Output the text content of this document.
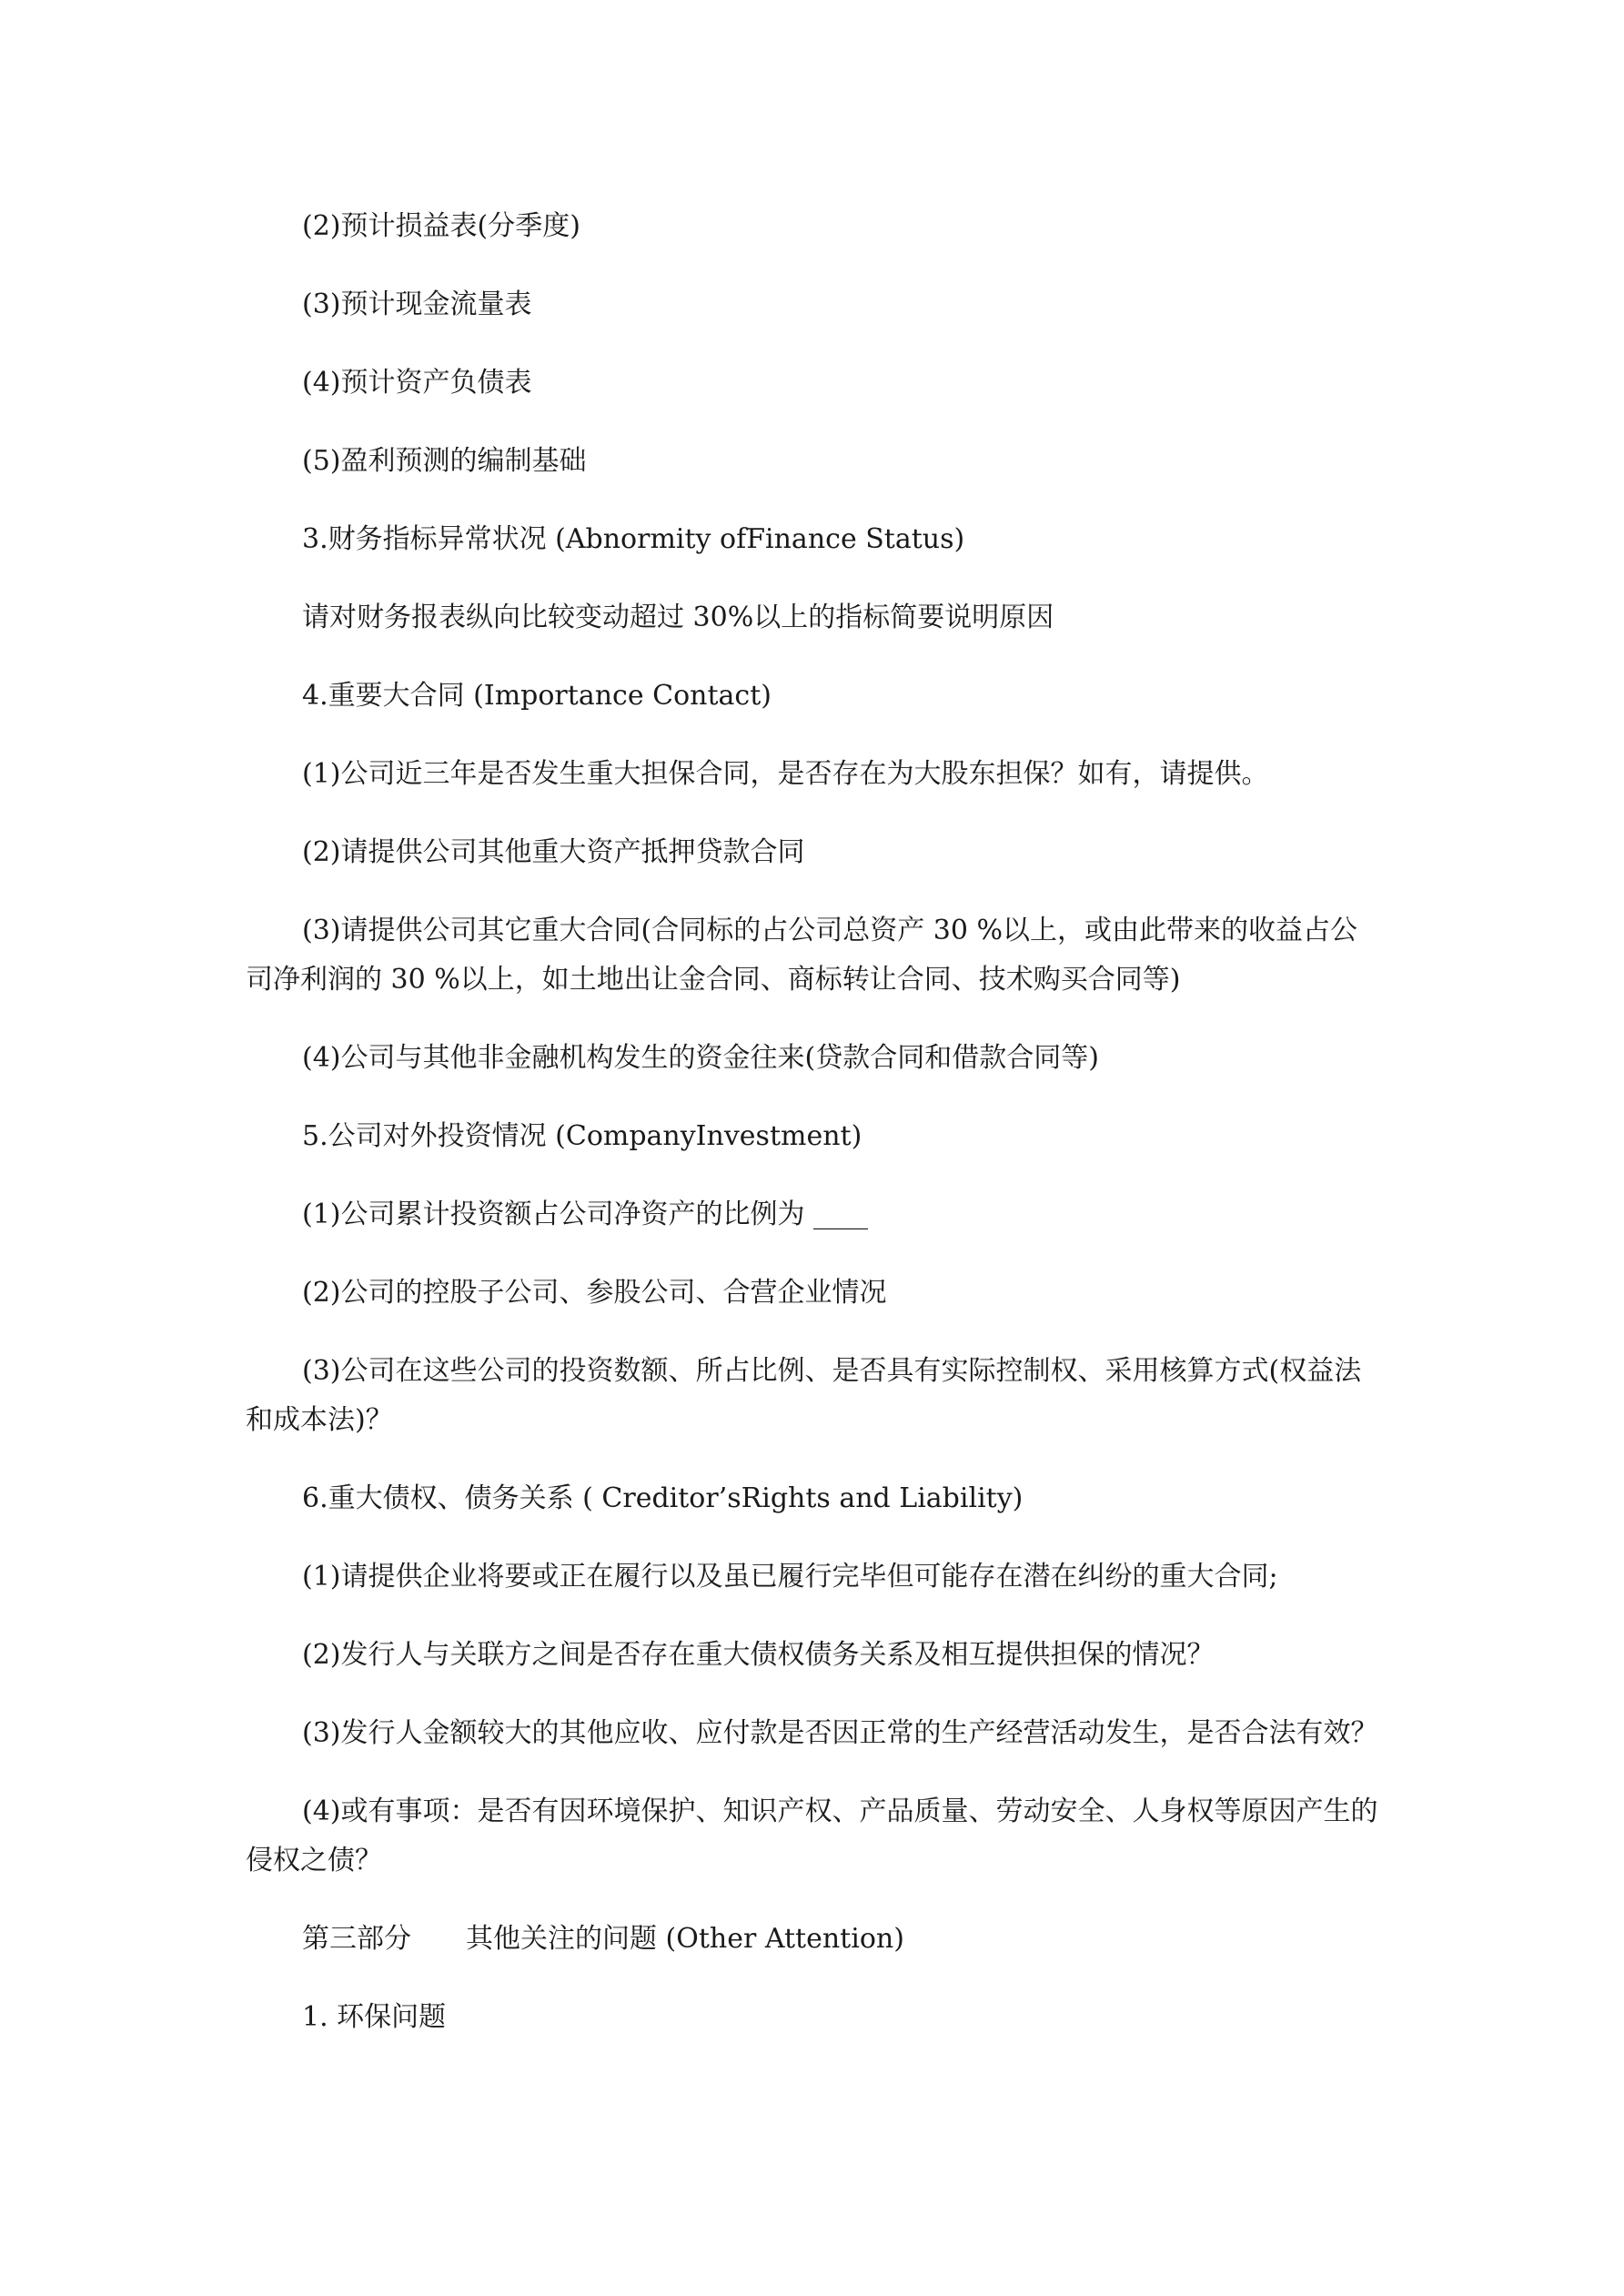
(2)预计损益表(分季度)

(3)预计现金流量表

(4)预计资产负债表

(5)盈利预测的编制基础

3.财务指标异常状况 (Abnormity ofFinance Status)

请对财务报表纵向比较变动超过 30%以上的指标简要说明原因

4.重要大合同 (Importance Contact)

(1)公司近三年是否发生重大担保合同，是否存在为大股东担保？如有，请提供。

(2)请提供公司其他重大资产抵押贷款合同

(3)请提供公司其它重大合同(合同标的占公司总资产 30 %以上，或由此带来的收益占公司净利润的 30 %以上，如土地出让金合同、商标转让合同、技术购买合同等)

(4)公司与其他非金融机构发生的资金往来(贷款合同和借款合同等)

5.公司对外投资情况 (CompanyInvestment)

(1)公司累计投资额占公司净资产的比例为 ____

(2)公司的控股子公司、参股公司、合营企业情况

(3)公司在这些公司的投资数额、所占比例、是否具有实际控制权、采用核算方式(权益法和成本法)？

6.重大债权、债务关系 ( Creditor’sRights and Liability)

(1)请提供企业将要或正在履行以及虽已履行完毕但可能存在潜在纠纷的重大合同;

(2)发行人与关联方之间是否存在重大债权债务关系及相互提供担保的情况？

(3)发行人金额较大的其他应收、应付款是否因正常的生产经营活动发生，是否合法有效？

(4)或有事项：是否有因环境保护、知识产权、产品质量、劳动安全、人身权等原因产生的侵权之债？

第三部分　　其他关注的问题 (Other Attention)

1. 环保问题
